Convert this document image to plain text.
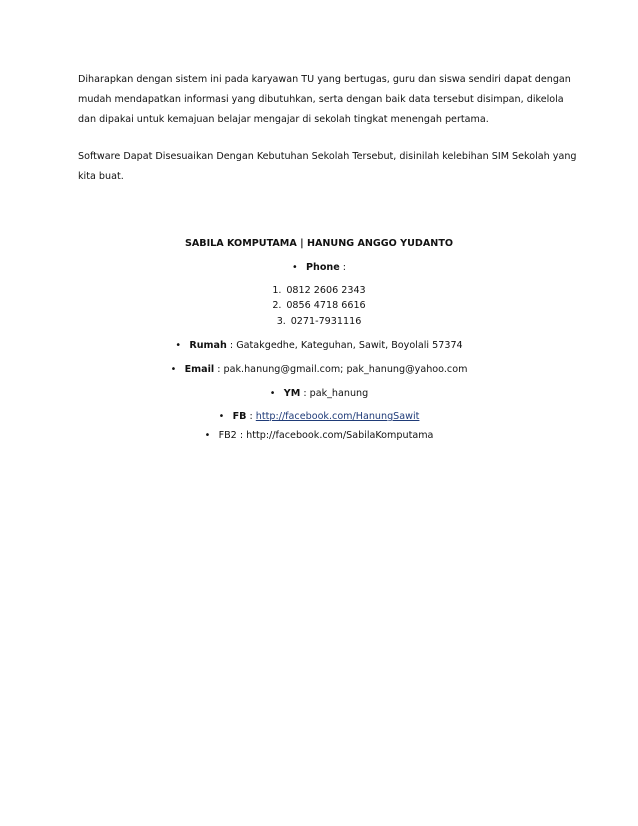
Diharapkan dengan sistem ini pada karyawan TU yang bertugas, guru dan siswa sendiri dapat dengan
mudah mendapatkan informasi yang dibutuhkan, serta dengan baik data tersebut disimpan, dikelola
dan dipakai untuk kemajuan belajar mengajar di sekolah tingkat menengah pertama.

Software Dapat Disesuaikan Dengan Kebutuhan Sekolah Tersebut, disinilah kelebihan SIM Sekolah yang
kita buat.

SABILA KOMPUTAMA | HANUNG ANGGO YUDANTO
• Phone :
1. 0812 2606 2343
2. 0856 4718 6616
3. 0271-7931116
• Rumah : Gatakgedhe, Kateguhan, Sawit, Boyolali 57374
• Email : pak.hanung@gmail.com; pak_hanung@yahoo.com
• YM : pak_hanung
• FB : http://facebook.com/HanungSawit
• FB2 : http://facebook.com/SabilaKomputama
